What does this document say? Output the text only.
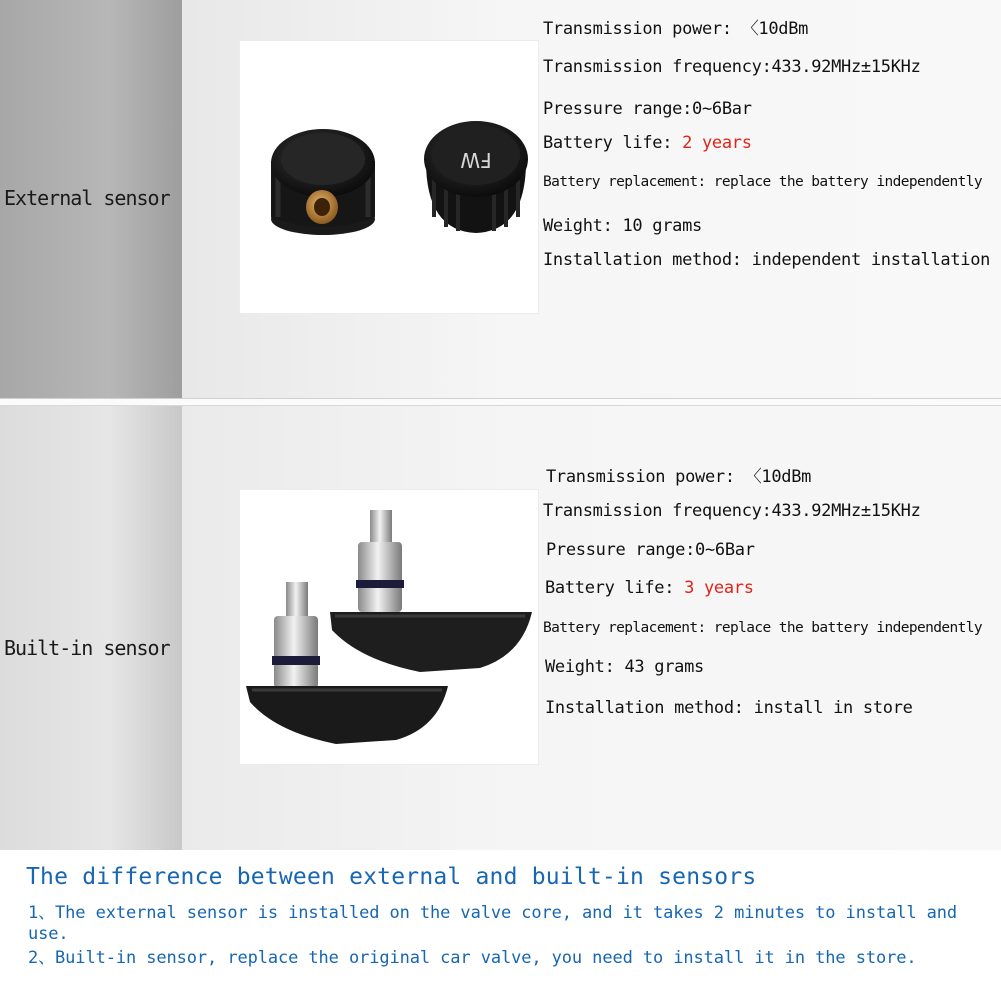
External sensor
FW
Transmission power: 〈10dBm
Transmission frequency:433.92MHz±15KHz
Pressure range:0∼6Bar
Battery life: 2 years
Battery replacement: replace the battery independently
Weight: 10 grams
Installation method: independent installation
Built-in sensor
Transmission power: 〈10dBm
Transmission frequency:433.92MHz±15KHz
Pressure range:0∼6Bar
Battery life: 3 years
Battery replacement: replace the battery independently
Weight: 43 grams
Installation method: install in store
The difference between external and built-in sensors
1、The external sensor is installed on the valve core, and it takes 2 minutes to install and use.
2、Built-in sensor, replace the original car valve, you need to install it in the store.
